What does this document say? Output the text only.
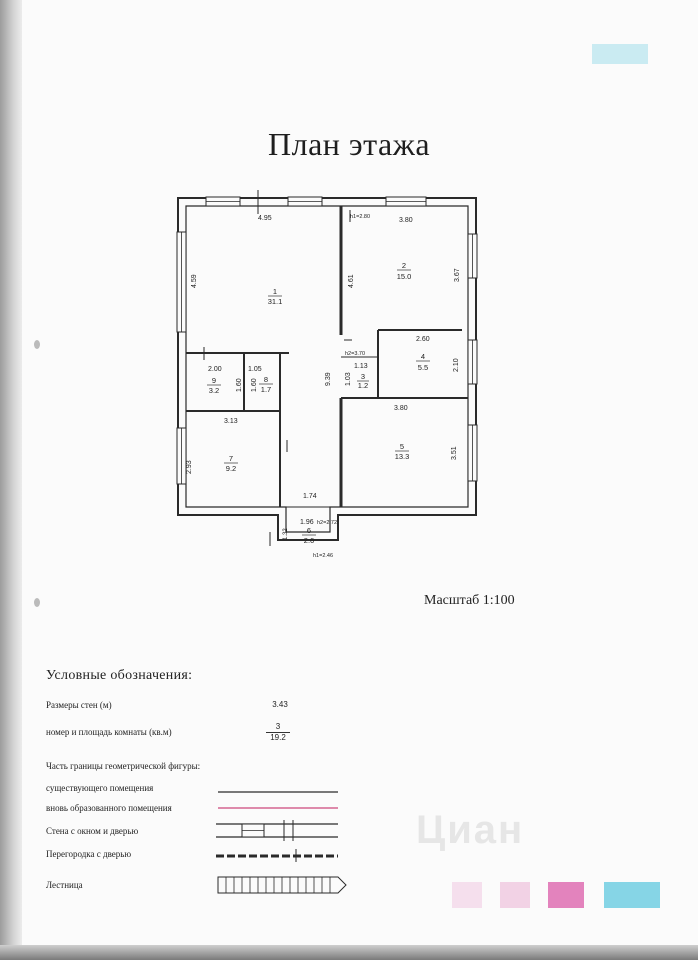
План этажа
4.95	3.80
h1=2.80
4.59	4.61	3.67
2.60
2.10
h2=3.70
1.13
1.03
9.39
2.00
1.60
1.05
1.60
3.13
2.93
3.80
3.51
1.74
1.96 h2=2.72
1.32
h1=2.46
1
31.1
2
15.0
3
1.2
4
5.5
5
13.3
6
2.6
7
9.2
8
1.7
9
3.2
Масштаб 1:100
Условные обозначения:
Размеры стен (м)	3.43
номер и площадь комнаты (кв.м)	$\frac{3}{19.2}$
Часть границы геометрической фигуры:
существующего помещения
вновь образованного помещения
Стена с окном и дверью
Перегородка с дверью
Лестница
Циан
